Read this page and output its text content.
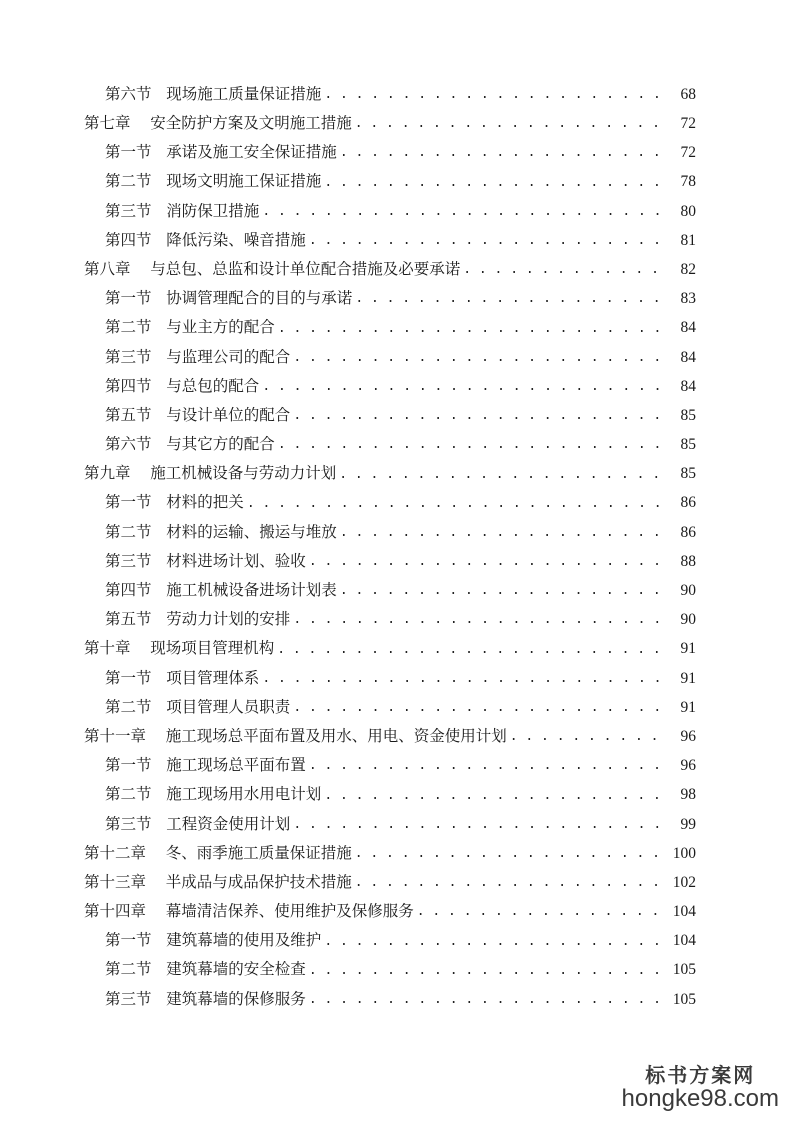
第六节 现场施工质量保证措施 . . .	68
第七章 安全防护方案及文明施工措施 . . .	72
第一节 承诺及施工安全保证措施 . . .	72
第二节 现场文明施工保证措施 . . .	78
第三节 消防保卫措施 . . .	80
第四节 降低污染、噪音措施 . . .	81
第八章 与总包、总监和设计单位配合措施及必要承诺 . . .	82
第一节 协调管理配合的目的与承诺 . . .	83
第二节 与业主方的配合 . . .	84
第三节 与监理公司的配合 . . .	84
第四节 与总包的配合 . . .	84
第五节 与设计单位的配合 . . .	85
第六节 与其它方的配合 . . .	85
第九章 施工机械设备与劳动力计划 . . .	85
第一节 材料的把关 . . .	86
第二节 材料的运输、搬运与堆放 . . .	86
第三节 材料进场计划、验收 . . .	88
第四节 施工机械设备进场计划表 . . .	90
第五节 劳动力计划的安排 . . .	90
第十章 现场项目管理机构 . . .	91
第一节 项目管理体系 . . .	91
第二节 项目管理人员职责 . . .	91
第十一章 施工现场总平面布置及用水、用电、资金使用计划 . . .	96
第一节 施工现场总平面布置 . . .	96
第二节 施工现场用水用电计划 . . .	98
第三节 工程资金使用计划 . . .	99
第十二章 冬、雨季施工质量保证措施 . . .	100
第十三章 半成品与成品保护技术措施 . . .	102
第十四章 幕墙清洁保养、使用维护及保修服务 . . .	104
第一节 建筑幕墙的使用及维护 . . .	104
第二节 建筑幕墙的安全检查 . . .	105
第三节 建筑幕墙的保修服务 . . .	105
标书方案网
hongke98.com
